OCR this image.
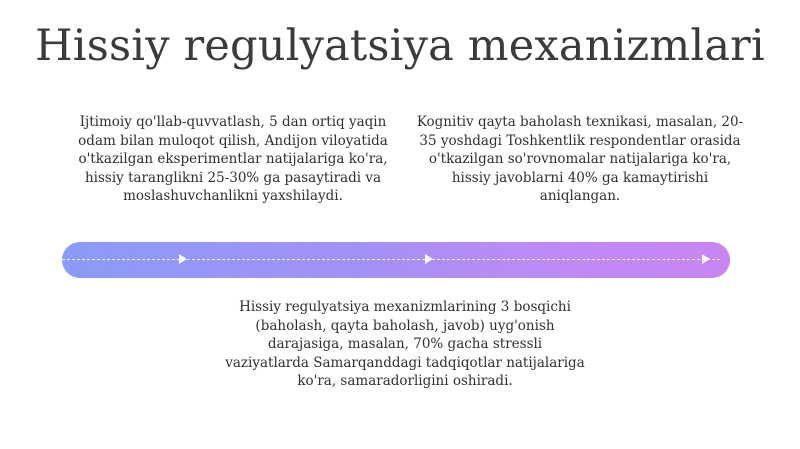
Hissiy regulyatsiya mexanizmlari
Ijtimoiy qo'llab-quvvatlash, 5 dan ortiq yaqin odam bilan muloqot qilish, Andijon viloyatida o'tkazilgan eksperimentlar natijalariga ko'ra, hissiy taranglikni 25-30% ga pasaytiradi va moslashuvchanlikni yaxshilaydi.
Kognitiv qayta baholash texnikasi, masalan, 20-35 yoshdagi Toshkentlik respondentlar orasida o'tkazilgan so'rovnomalar natijalariga ko'ra, hissiy javoblarni 40% ga kamaytirishi aniqlangan.
Hissiy regulyatsiya mexanizmlarining 3 bosqichi (baholash, qayta baholash, javob) uyg'onish darajasiga, masalan, 70% gacha stressli vaziyatlarda Samarqanddagi tadqiqotlar natijalariga ko'ra, samaradorligini oshiradi.
